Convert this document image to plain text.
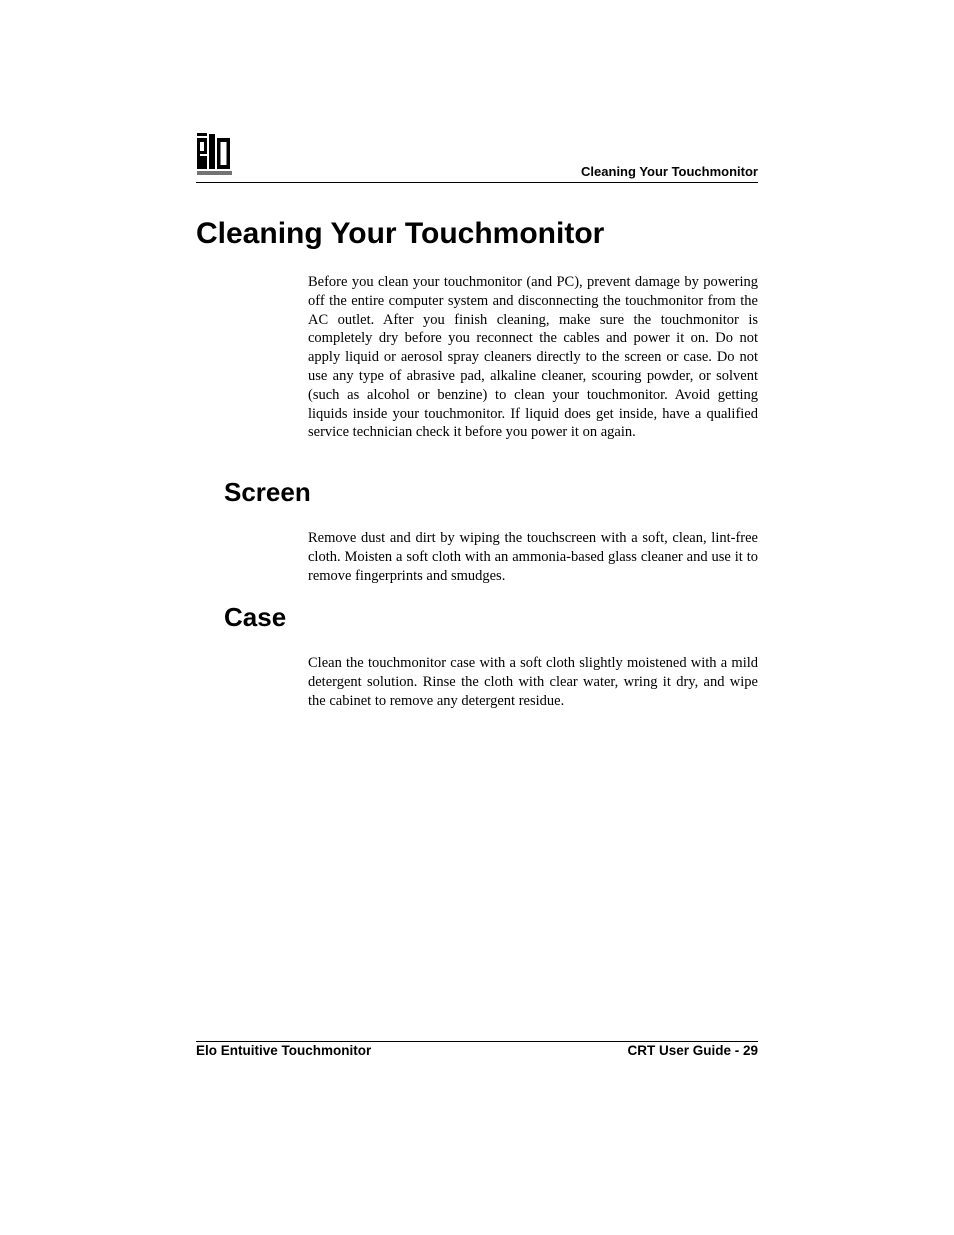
Cleaning Your Touchmonitor
Cleaning Your Touchmonitor

Before you clean your touchmonitor (and PC), prevent damage by powering off the entire computer system and disconnecting the touchmonitor from the AC outlet. After you finish cleaning, make sure the touchmonitor is completely dry before you reconnect the cables and power it on. Do not apply liquid or aerosol spray cleaners directly to the screen or case. Do not use any type of abrasive pad, alkaline cleaner, scouring powder, or solvent (such as alcohol or benzine) to clean your touchmonitor. Avoid getting liquids inside your touchmonitor. If liquid does get inside, have a qualified service technician check it before you power it on again.

Screen

Remove dust and dirt by wiping the touchscreen with a soft, clean, lint-free cloth. Moisten a soft cloth with an ammonia-based glass cleaner and use it to remove fingerprints and smudges.

Case

Clean the touchmonitor case with a soft cloth slightly moistened with a mild detergent solution. Rinse the cloth with clear water, wring it dry, and wipe the cabinet to remove any detergent residue.

Elo Entuitive Touchmonitor	CRT User Guide - 29
